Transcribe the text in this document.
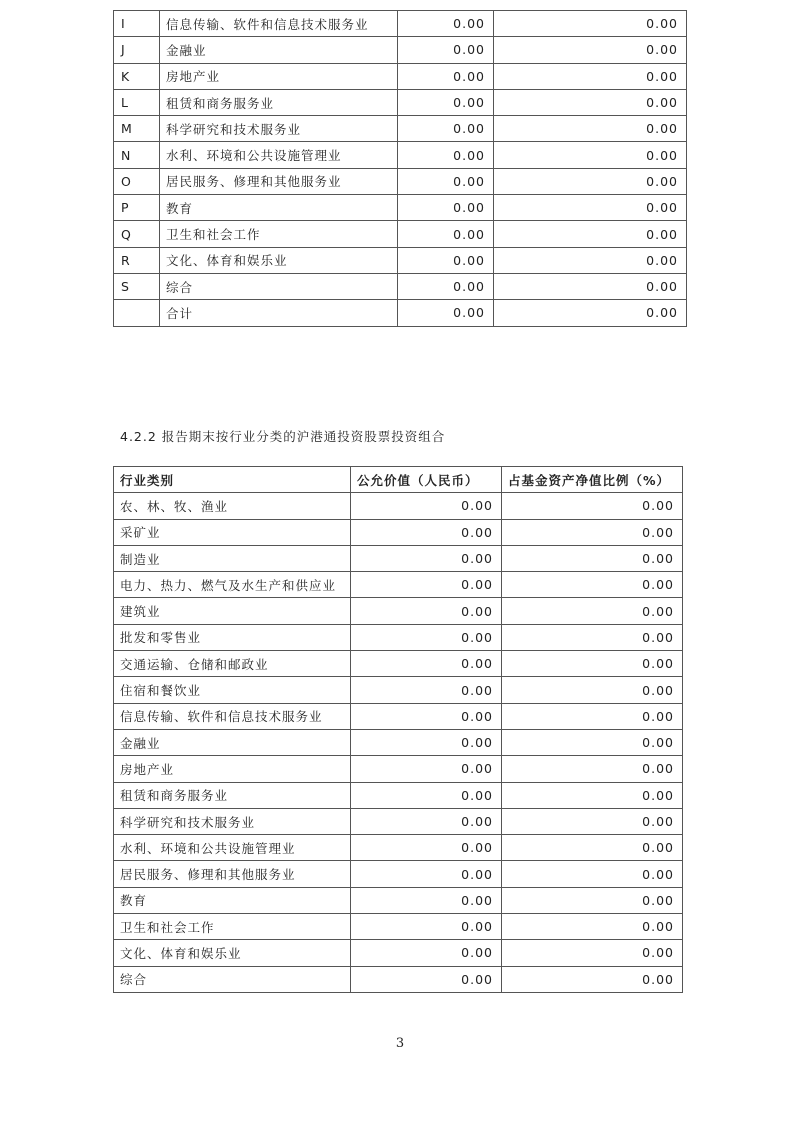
I	信息传输、软件和信息技术服务业	0.00	0.00
J	金融业	0.00	0.00
K	房地产业	0.00	0.00
L	租赁和商务服务业	0.00	0.00
M	科学研究和技术服务业	0.00	0.00
N	水利、环境和公共设施管理业	0.00	0.00
O	居民服务、修理和其他服务业	0.00	0.00
P	教育	0.00	0.00
Q	卫生和社会工作	0.00	0.00
R	文化、体育和娱乐业	0.00	0.00
S	综合	0.00	0.00
	合计	0.00	0.00
4.2.2 报告期末按行业分类的沪港通投资股票投资组合
行业类别	公允价值（人民币）	占基金资产净值比例（%）
农、林、牧、渔业	0.00	0.00
采矿业	0.00	0.00
制造业	0.00	0.00
电力、热力、燃气及水生产和供应业	0.00	0.00
建筑业	0.00	0.00
批发和零售业	0.00	0.00
交通运输、仓储和邮政业	0.00	0.00
住宿和餐饮业	0.00	0.00
信息传输、软件和信息技术服务业	0.00	0.00
金融业	0.00	0.00
房地产业	0.00	0.00
租赁和商务服务业	0.00	0.00
科学研究和技术服务业	0.00	0.00
水利、环境和公共设施管理业	0.00	0.00
居民服务、修理和其他服务业	0.00	0.00
教育	0.00	0.00
卫生和社会工作	0.00	0.00
文化、体育和娱乐业	0.00	0.00
综合	0.00	0.00
3
